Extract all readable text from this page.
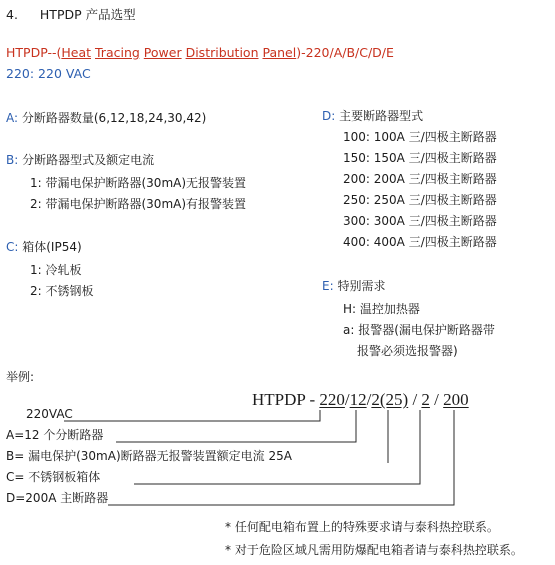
4. HTPDP 产品选型
HTPDP--(Heat Tracing Power Distribution Panel)-220/A/B/C/D/E
220: 220 VAC
A: 分断路器数量(6,12,18,24,30,42)
B: 分断路器型式及额定电流
1: 带漏电保护断路器(30mA)无报警装置
2: 带漏电保护断路器(30mA)有报警装置
C: 箱体(IP54)
1: 冷轧板
2: 不锈钢板
D: 主要断路器型式
100: 100A 三/四极主断路器
150: 150A 三/四极主断路器
200: 200A 三/四极主断路器
250: 250A 三/四极主断路器
300: 300A 三/四极主断路器
400: 400A 三/四极主断路器
E: 特别需求
H: 温控加热器
a: 报警器(漏电保护断路器带
报警必须选报警器)
举例:
HTPDP - 220/12/2(25) / 2 / 200
220VAC
A=12 个分断路器
B= 漏电保护(30mA)断路器无报警装置额定电流 25A
C= 不锈钢板箱体
D=200A 主断路器
* 任何配电箱布置上的特殊要求请与泰科热控联系。
* 对于危险区域凡需用防爆配电箱者请与泰科热控联系。
